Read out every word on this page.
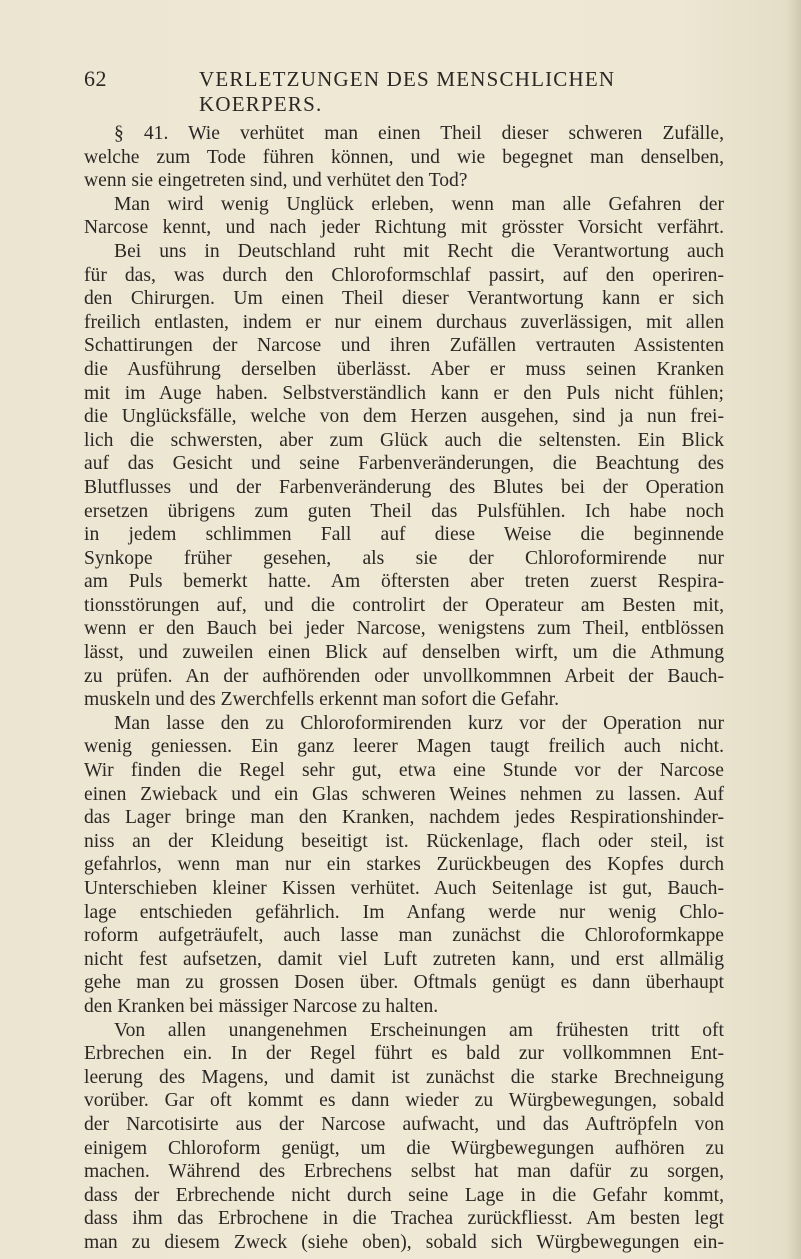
62	VERLETZUNGEN DES MENSCHLICHEN KOERPERS.
§ 41. Wie verhütet man einen Theil dieser schweren Zufälle,
welche zum Tode führen können, und wie begegnet man denselben,
wenn sie eingetreten sind, und verhütet den Tod?
Man wird wenig Unglück erleben, wenn man alle Gefahren der
Narcose kennt, und nach jeder Richtung mit grösster Vorsicht verfährt.
Bei uns in Deutschland ruht mit Recht die Verantwortung auch
für das, was durch den Chloroformschlaf passirt, auf den operiren-
den Chirurgen. Um einen Theil dieser Verantwortung kann er sich
freilich entlasten, indem er nur einem durchaus zuverlässigen, mit allen
Schattirungen der Narcose und ihren Zufällen vertrauten Assistenten
die Ausführung derselben überlässt. Aber er muss seinen Kranken
mit im Auge haben. Selbstverständlich kann er den Puls nicht fühlen;
die Unglücksfälle, welche von dem Herzen ausgehen, sind ja nun frei-
lich die schwersten, aber zum Glück auch die seltensten. Ein Blick
auf das Gesicht und seine Farbenveränderungen, die Beachtung des
Blutflusses und der Farbenveränderung des Blutes bei der Operation
ersetzen übrigens zum guten Theil das Pulsfühlen. Ich habe noch
in jedem schlimmen Fall auf diese Weise die beginnende
Synkope früher gesehen, als sie der Chloroformirende nur
am Puls bemerkt hatte. Am öftersten aber treten zuerst Respira-
tionsstörungen auf, und die controlirt der Operateur am Besten mit,
wenn er den Bauch bei jeder Narcose, wenigstens zum Theil, entblössen
lässt, und zuweilen einen Blick auf denselben wirft, um die Athmung
zu prüfen. An der aufhörenden oder unvollkommnen Arbeit der Bauch-
muskeln und des Zwerchfells erkennt man sofort die Gefahr.
Man lasse den zu Chloroformirenden kurz vor der Operation nur
wenig geniessen. Ein ganz leerer Magen taugt freilich auch nicht.
Wir finden die Regel sehr gut, etwa eine Stunde vor der Narcose
einen Zwieback und ein Glas schweren Weines nehmen zu lassen. Auf
das Lager bringe man den Kranken, nachdem jedes Respirationshinder-
niss an der Kleidung beseitigt ist. Rückenlage, flach oder steil, ist
gefahrlos, wenn man nur ein starkes Zurückbeugen des Kopfes durch
Unterschieben kleiner Kissen verhütet. Auch Seitenlage ist gut, Bauch-
lage entschieden gefährlich. Im Anfang werde nur wenig Chlo-
roform aufgeträufelt, auch lasse man zunächst die Chloroformkappe
nicht fest aufsetzen, damit viel Luft zutreten kann, und erst allmälig
gehe man zu grossen Dosen über. Oftmals genügt es dann überhaupt
den Kranken bei mässiger Narcose zu halten.
Von allen unangenehmen Erscheinungen am frühesten tritt oft
Erbrechen ein. In der Regel führt es bald zur vollkommnen Ent-
leerung des Magens, und damit ist zunächst die starke Brechneigung
vorüber. Gar oft kommt es dann wieder zu Würgbewegungen, sobald
der Narcotisirte aus der Narcose aufwacht, und das Auftröpfeln von
einigem Chloroform genügt, um die Würgbewegungen aufhören zu
machen. Während des Erbrechens selbst hat man dafür zu sorgen,
dass der Erbrechende nicht durch seine Lage in die Gefahr kommt,
dass ihm das Erbrochene in die Trachea zurückfliesst. Am besten legt
man zu diesem Zweck (siehe oben), sobald sich Würgbewegungen ein-
